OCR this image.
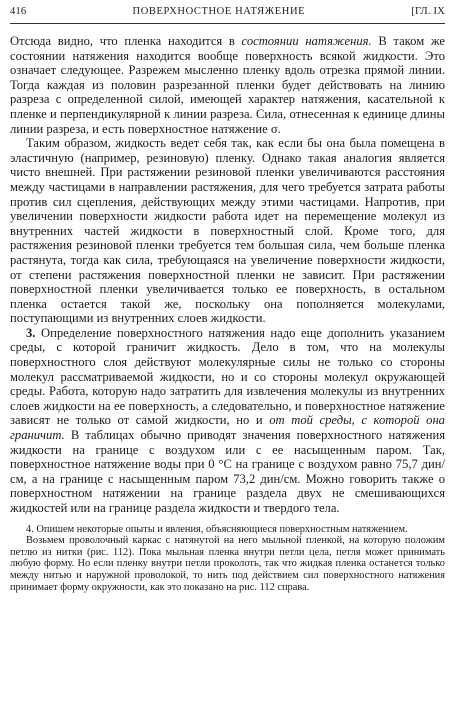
416	ПОВЕРХНОСТНОЕ НАТЯЖЕНИЕ	[ГЛ. IX

Отсюда видно, что пленка находится в состоянии натяжения. В таком же состоянии натяжения находится вообще поверхность всякой жидкости. Это означает следующее. Разрежем мысленно пленку вдоль отрезка прямой линии. Тогда каждая из половин разрезанной пленки будет действовать на линию разреза с определенной силой, имеющей характер натяжения, касательной к пленке и перпендикулярной к линии разреза. Сила, отнесенная к единице длины линии разреза, и есть поверхностное натяжение σ.

Таким образом, жидкость ведет себя так, как если бы она была помещена в эластичную (например, резиновую) пленку. Однако такая аналогия является чисто внешней. При растяжении резиновой пленки увеличиваются расстояния между частицами в направлении растяжения, для чего требуется затрата работы против сил сцепления, действующих между этими частицами. Напротив, при увеличении поверхности жидкости работа идет на перемещение молекул из внутренних частей жидкости в поверхностный слой. Кроме того, для растяжения резиновой пленки требуется тем большая сила, чем больше пленка растянута, тогда как сила, требующаяся на увеличение поверхности жидкости, от степени растяжения поверхностной пленки не зависит. При растяжении поверхностной пленки увеличивается только ее поверхность, в остальном пленка остается такой же, поскольку она пополняется молекулами, поступающими из внутренних слоев жидкости.

3. Определение поверхностного натяжения надо еще дополнить указанием среды, с которой граничит жидкость. Дело в том, что на молекулы поверхностного слоя действуют молекулярные силы не только со стороны молекул рассматриваемой жидкости, но и со стороны молекул окружающей среды. Работа, которую надо затратить для извлечения молекулы из внутренних слоев жидкости на ее поверхность, а следовательно, и поверхностное натяжение зависят не только от самой жидкости, но и от той среды, с которой она граничит. В таблицах обычно приводят значения поверхностного натяжения жидкости на границе с воздухом или с ее насыщенным паром. Так, поверхностное натяжение воды при 0 °С на границе с воздухом равно 75,7 дин/см, а на границе с насыщенным паром 73,2 дин/см. Можно говорить также о поверхностном натяжении на границе раздела двух не смешивающихся жидкостей или на границе раздела жидкости и твердого тела.

4. Опишем некоторые опыты и явления, объясняющиеся поверхностным натяжением.

Возьмем проволочный каркас с натянутой на него мыльной пленкой, на которую положим петлю из нитки (рис. 112). Пока мыльная пленка внутри петли цела, петля может принимать любую форму. Но если пленку внутри петли проколоть, так что жидкая пленка останется только между нитью и наружной проволокой, то нить под действием сил поверхностного натяжения принимает форму окружности, как это показано на рис. 112 справа.
